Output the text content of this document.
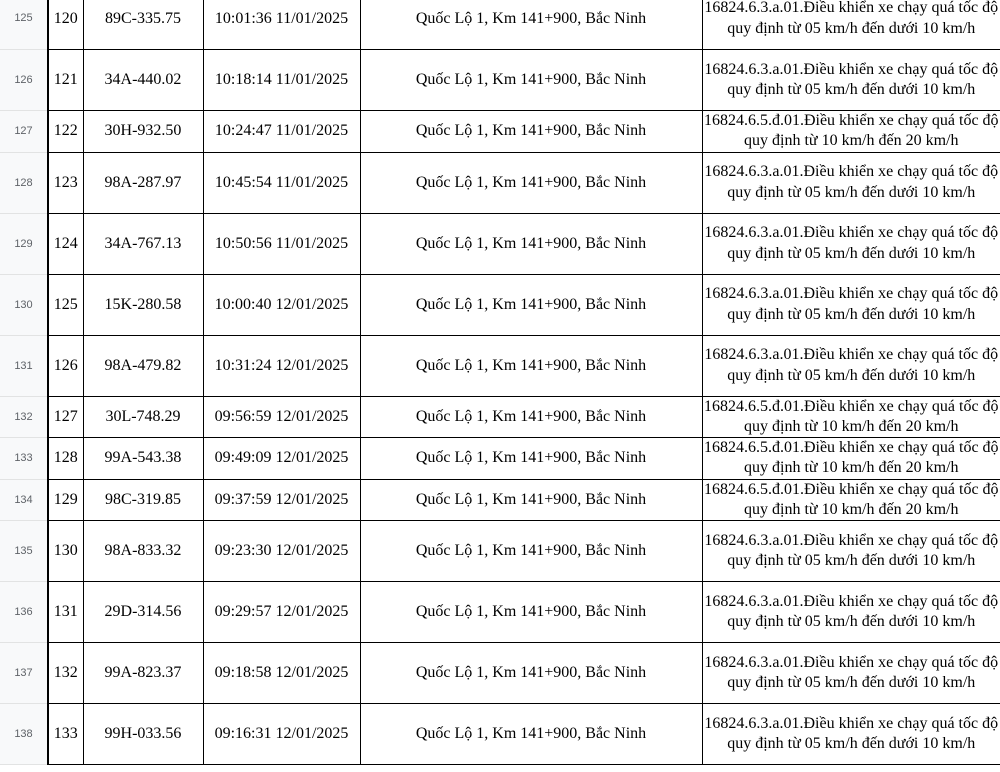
125	120	89C-335.75	10:01:36 11/01/2025	Quốc Lộ 1, Km 141+900, Bắc Ninh	16824.6.3.a.01.Điều khiển xe chạy quá tốc độ quy định từ 05 km/h đến dưới 10 km/h
126	121	34A-440.02	10:18:14 11/01/2025	Quốc Lộ 1, Km 141+900, Bắc Ninh	16824.6.3.a.01.Điều khiển xe chạy quá tốc độ quy định từ 05 km/h đến dưới 10 km/h
127	122	30H-932.50	10:24:47 11/01/2025	Quốc Lộ 1, Km 141+900, Bắc Ninh	16824.6.5.đ.01.Điều khiển xe chạy quá tốc độ quy định từ 10 km/h đến 20 km/h
128	123	98A-287.97	10:45:54 11/01/2025	Quốc Lộ 1, Km 141+900, Bắc Ninh	16824.6.3.a.01.Điều khiển xe chạy quá tốc độ quy định từ 05 km/h đến dưới 10 km/h
129	124	34A-767.13	10:50:56 11/01/2025	Quốc Lộ 1, Km 141+900, Bắc Ninh	16824.6.3.a.01.Điều khiển xe chạy quá tốc độ quy định từ 05 km/h đến dưới 10 km/h
130	125	15K-280.58	10:00:40 12/01/2025	Quốc Lộ 1, Km 141+900, Bắc Ninh	16824.6.3.a.01.Điều khiển xe chạy quá tốc độ quy định từ 05 km/h đến dưới 10 km/h
131	126	98A-479.82	10:31:24 12/01/2025	Quốc Lộ 1, Km 141+900, Bắc Ninh	16824.6.3.a.01.Điều khiển xe chạy quá tốc độ quy định từ 05 km/h đến dưới 10 km/h
132	127	30L-748.29	09:56:59 12/01/2025	Quốc Lộ 1, Km 141+900, Bắc Ninh	16824.6.5.đ.01.Điều khiển xe chạy quá tốc độ quy định từ 10 km/h đến 20 km/h
133	128	99A-543.38	09:49:09 12/01/2025	Quốc Lộ 1, Km 141+900, Bắc Ninh	16824.6.5.đ.01.Điều khiển xe chạy quá tốc độ quy định từ 10 km/h đến 20 km/h
134	129	98C-319.85	09:37:59 12/01/2025	Quốc Lộ 1, Km 141+900, Bắc Ninh	16824.6.5.đ.01.Điều khiển xe chạy quá tốc độ quy định từ 10 km/h đến 20 km/h
135	130	98A-833.32	09:23:30 12/01/2025	Quốc Lộ 1, Km 141+900, Bắc Ninh	16824.6.3.a.01.Điều khiển xe chạy quá tốc độ quy định từ 05 km/h đến dưới 10 km/h
136	131	29D-314.56	09:29:57 12/01/2025	Quốc Lộ 1, Km 141+900, Bắc Ninh	16824.6.3.a.01.Điều khiển xe chạy quá tốc độ quy định từ 05 km/h đến dưới 10 km/h
137	132	99A-823.37	09:18:58 12/01/2025	Quốc Lộ 1, Km 141+900, Bắc Ninh	16824.6.3.a.01.Điều khiển xe chạy quá tốc độ quy định từ 05 km/h đến dưới 10 km/h
138	133	99H-033.56	09:16:31 12/01/2025	Quốc Lộ 1, Km 141+900, Bắc Ninh	16824.6.3.a.01.Điều khiển xe chạy quá tốc độ quy định từ 05 km/h đến dưới 10 km/h
